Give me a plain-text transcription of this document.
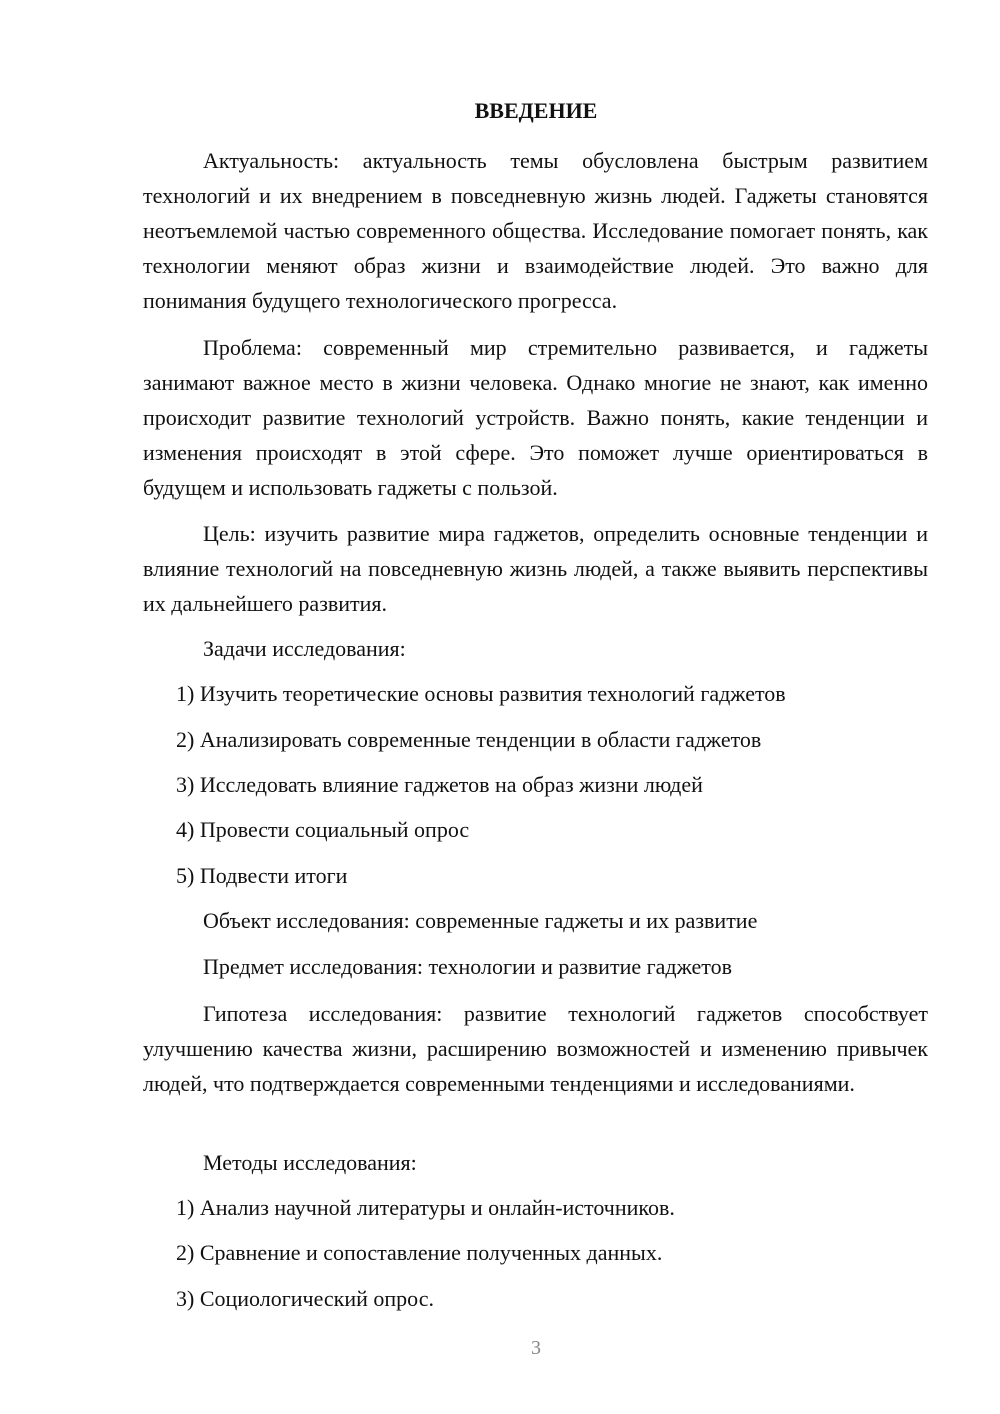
ВВЕДЕНИЕ

Актуальность: актуальность темы обусловлена быстрым развитием технологий и их внедрением в повседневную жизнь людей. Гаджеты становятся неотъемлемой частью современного общества. Исследование помогает понять, как технологии меняют образ жизни и взаимодействие людей. Это важно для понимания будущего технологического прогресса.

Проблема: современный мир стремительно развивается, и гаджеты занимают важное место в жизни человека. Однако многие не знают, как именно происходит развитие технологий устройств. Важно понять, какие тенденции и изменения происходят в этой сфере. Это поможет лучше ориентироваться в будущем и использовать гаджеты с пользой.

Цель: изучить развитие мира гаджетов, определить основные тенденции и влияние технологий на повседневную жизнь людей, а также выявить перспективы их дальнейшего развития.

Задачи исследования:
1) Изучить теоретические основы развития технологий гаджетов
2) Анализировать современные тенденции в области гаджетов
3) Исследовать влияние гаджетов на образ жизни людей
4) Провести социальный опрос
5) Подвести итоги
Объект исследования: современные гаджеты и их развитие
Предмет исследования: технологии и развитие гаджетов

Гипотеза исследования: развитие технологий гаджетов способствует улучшению качества жизни, расширению возможностей и изменению привычек людей, что подтверждается современными тенденциями и исследованиями.

Методы исследования:
1) Анализ научной литературы и онлайн-источников.
2) Сравнение и сопоставление полученных данных.
3) Социологический опрос.
3
